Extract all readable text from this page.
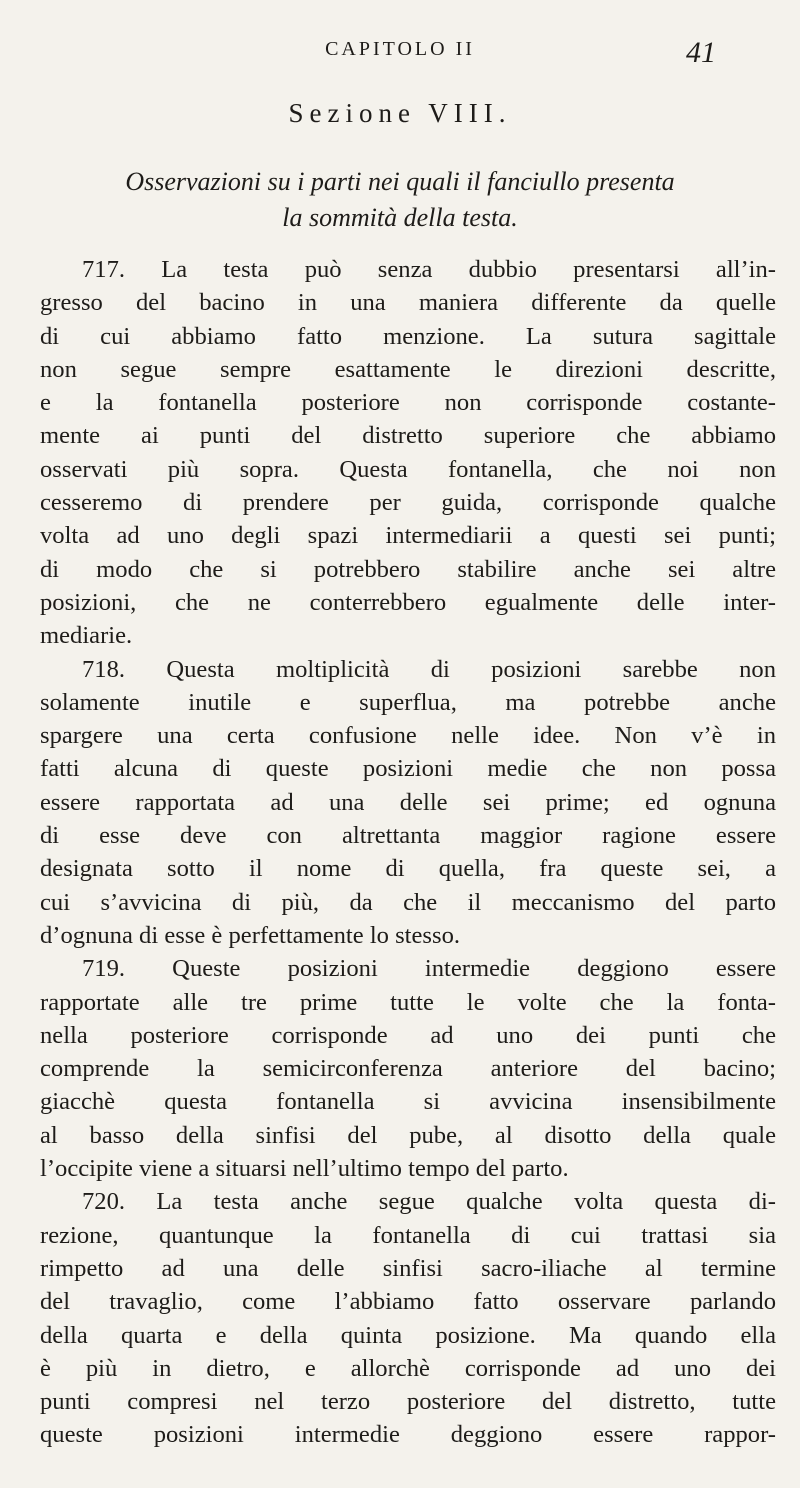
CAPITOLO II	41
Sezione VIII.
Osservazioni su i parti nei quali il fanciullo presenta
la sommità della testa.
717. La testa può senza dubbio presentarsi all’in-
gresso del bacino in una maniera differente da quelle
di cui abbiamo fatto menzione. La sutura sagittale
non segue sempre esattamente le direzioni descritte,
e la fontanella posteriore non corrisponde costante-
mente ai punti del distretto superiore che abbiamo
osservati più sopra. Questa fontanella, che noi non
cesseremo di prendere per guida, corrisponde qualche
volta ad uno degli spazi intermediarii a questi sei punti;
di modo che si potrebbero stabilire anche sei altre
posizioni, che ne conterrebbero egualmente delle inter-
mediarie.
718. Questa moltiplicità di posizioni sarebbe non
solamente inutile e superflua, ma potrebbe anche
spargere una certa confusione nelle idee. Non v’è in
fatti alcuna di queste posizioni medie che non possa
essere rapportata ad una delle sei prime; ed ognuna
di esse deve con altrettanta maggior ragione essere
designata sotto il nome di quella, fra queste sei, a
cui s’avvicina di più, da che il meccanismo del parto
d’ognuna di esse è perfettamente lo stesso.
719. Queste posizioni intermedie deggiono essere
rapportate alle tre prime tutte le volte che la fonta-
nella posteriore corrisponde ad uno dei punti che
comprende la semicirconferenza anteriore del bacino;
giacchè questa fontanella si avvicina insensibilmente
al basso della sinfisi del pube, al disotto della quale
l’occipite viene a situarsi nell’ultimo tempo del parto.
720. La testa anche segue qualche volta questa di-
rezione, quantunque la fontanella di cui trattasi sia
rimpetto ad una delle sinfisi sacro-iliache al termine
del travaglio, come l’abbiamo fatto osservare parlando
della quarta e della quinta posizione. Ma quando ella
è più in dietro, e allorchè corrisponde ad uno dei
punti compresi nel terzo posteriore del distretto, tutte
queste posizioni intermedie deggiono essere rappor-
